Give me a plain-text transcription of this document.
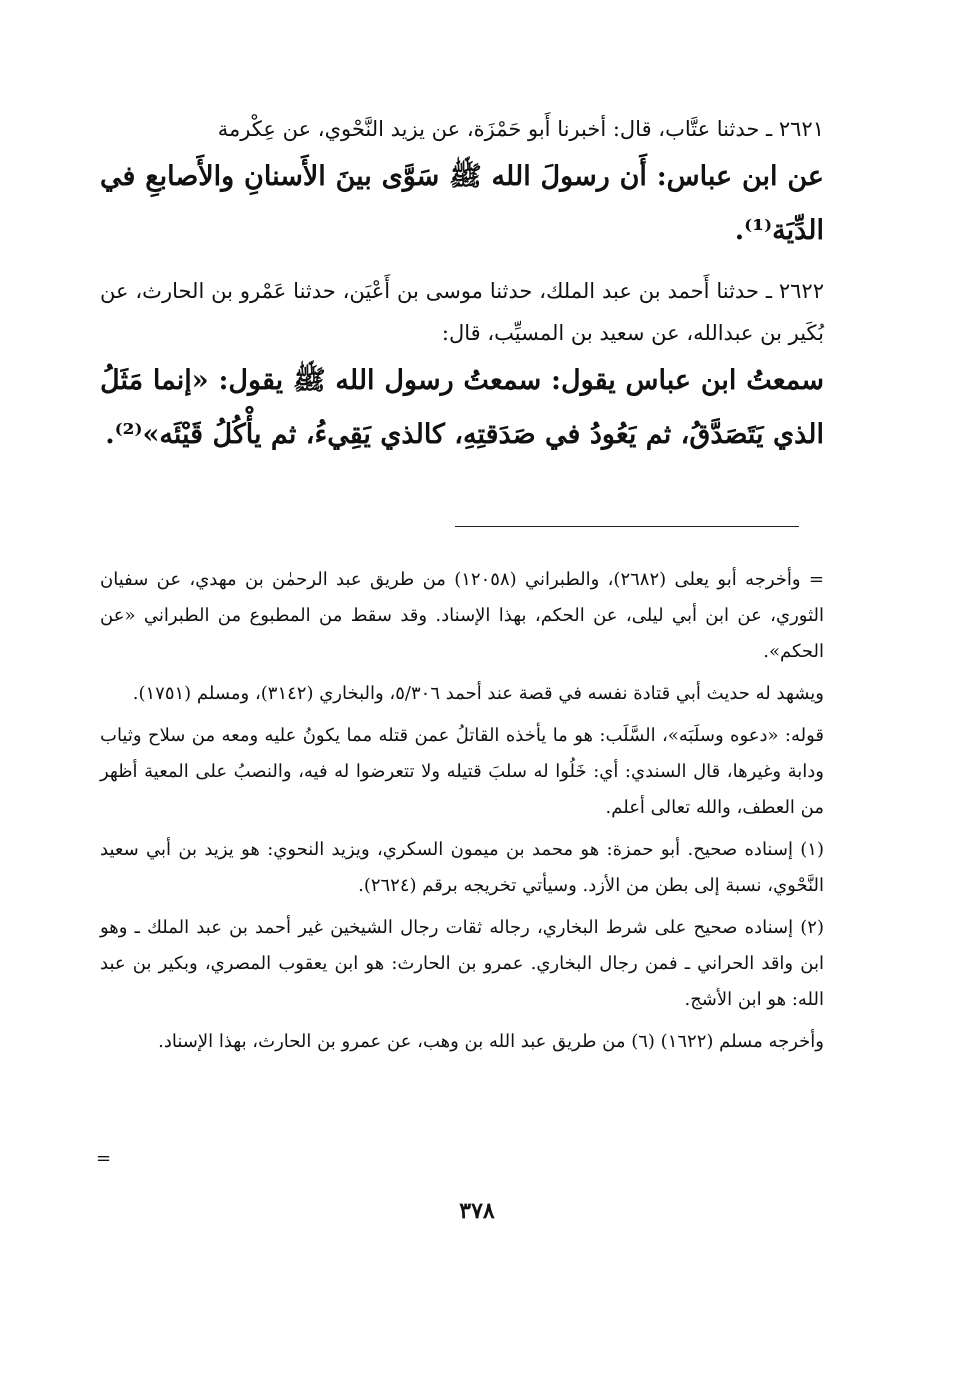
٢٦٢١ ـ حدثنا عتَّاب، قال: أخبرنا أَبو حَمْزَة، عن يزيد النَّحْوي، عن عِكْرمة

عن ابن عباس: أَن رسولَ الله ﷺ سَوَّى بينَ الأَسنانِ والأَصابعِ في الدِّيَة⁽¹⁾.

٢٦٢٢ ـ حدثنا أَحمد بن عبد الملك، حدثنا موسى بن أَعْيَن، حدثنا عَمْرو بن الحارث، عن بُكَير بن عبدالله، عن سعيد بن المسيِّب، قال:

سمعتُ ابن عباس يقول: سمعتُ رسول الله ﷺ يقول: «إنما مَثَلُ الذي يَتَصَدَّقُ، ثم يَعُودُ في صَدَقتِهِ، كالذي يَقِيءُ، ثم يأْكُلُ قَيْئَه»⁽²⁾.

= وأخرجه أبو يعلى (٢٦٨٢)، والطبراني (١٢٠٥٨) من طريق عبد الرحمٰن بن مهدي، عن سفيان الثوري، عن ابن أبي ليلى، عن الحكم، بهذا الإسناد. وقد سقط من المطبوع من الطبراني «عن الحكم».

ويشهد له حديث أبي قتادة نفسه في قصة عند أحمد ٥/٣٠٦، والبخاري (٣١٤٢)، ومسلم (١٧٥١).

قوله: «دعوه وسلَبَه»، السَّلَب: هو ما يأخذه القاتلُ عمن قتله مما يكونُ عليه ومعه من سلاح وثياب ودابة وغيرها، قال السندي: أي: خَلُوا له سلبَ قتيله ولا تتعرضوا له فيه، والنصبُ على المعية أظهر من العطف، والله تعالى أعلم.

(١) إسناده صحيح. أبو حمزة: هو محمد بن ميمون السكري، ويزيد النحوي: هو يزيد بن أبي سعيد النَّحْوي، نسبة إلى بطن من الأزد. وسيأتي تخريجه برقم (٢٦٢٤).

(٢) إسناده صحيح على شرط البخاري، رجاله ثقات رجال الشيخين غير أحمد بن عبد الملك ـ وهو ابن واقد الحراني ـ فمن رجال البخاري. عمرو بن الحارث: هو ابن يعقوب المصري، وبكير بن عبد الله: هو ابن الأشج.

وأخرجه مسلم (١٦٢٢) (٦) من طريق عبد الله بن وهب، عن عمرو بن الحارث، بهذا الإسناد.

=
٣٧٨
